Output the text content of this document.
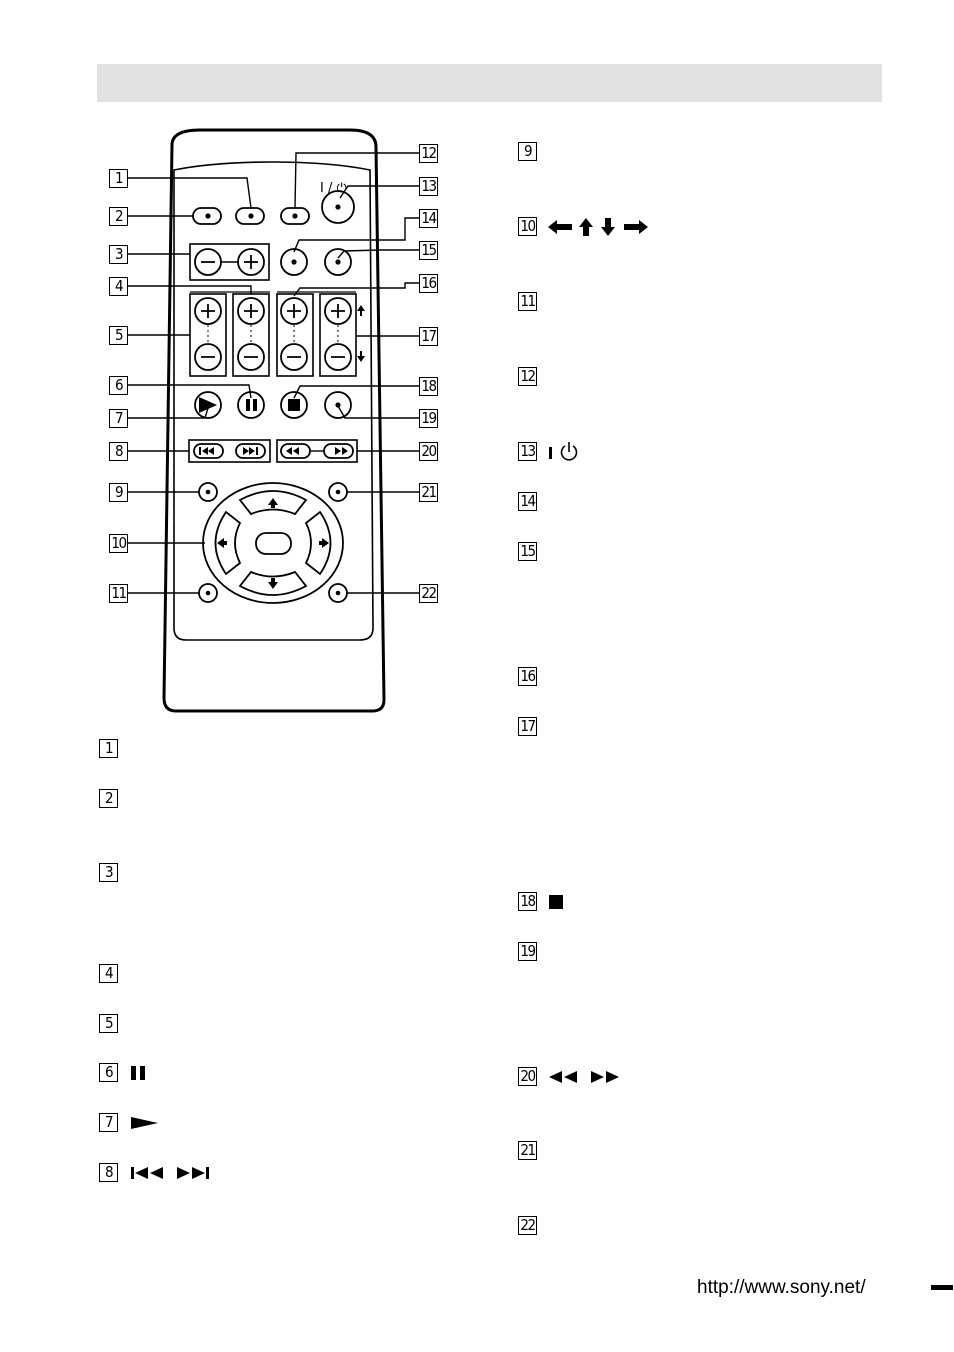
I / ⏻
1
2
3
4
5
6
7
8
9
10
11
12
13
14
15
16
17
18
19
20
21
22
1
2
3
4
5
6
7
8
9
10
11
12
13
14
15
16
17
18
19
20
21
22
http://www.sony.net/
